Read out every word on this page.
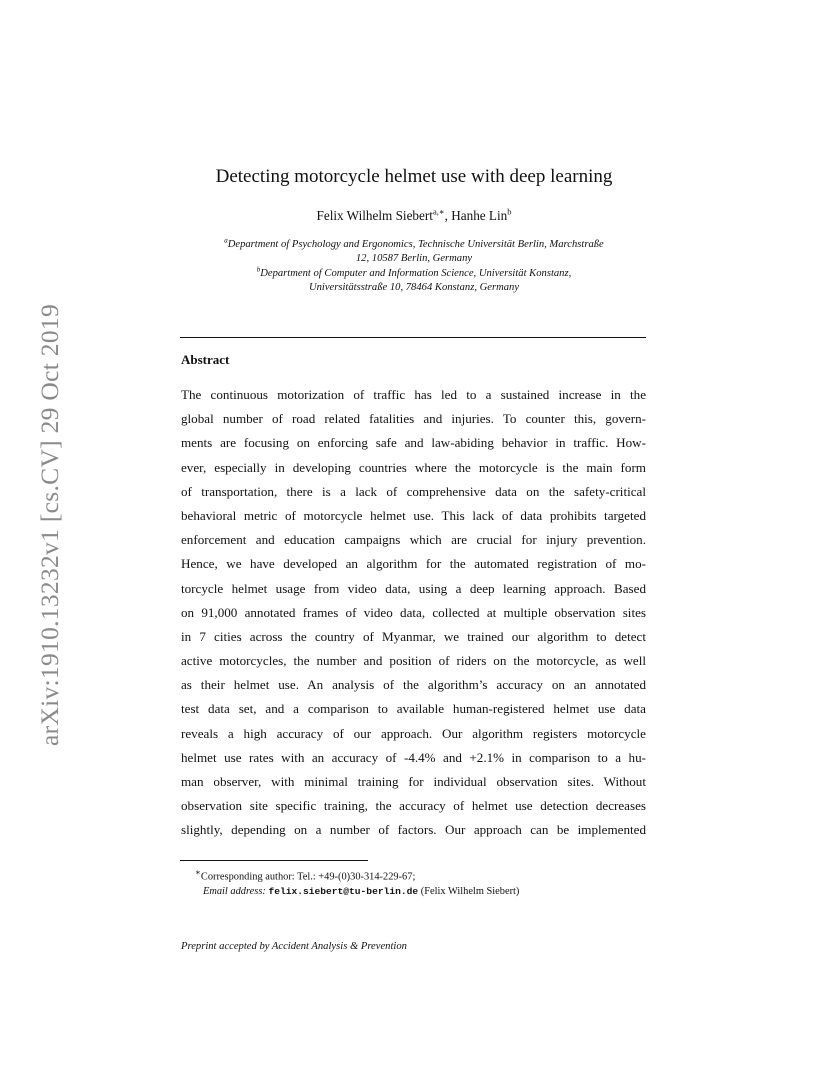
arXiv:1910.13232v1 [cs.CV] 29 Oct 2019
Detecting motorcycle helmet use with deep learning
Felix Wilhelm Siebert$^{a,∗}$, Hanhe Lin$^b$
$^a$Department of Psychology and Ergonomics, Technische Universität Berlin, Marchstraße
12, 10587 Berlin, Germany
$^b$Department of Computer and Information Science, Universität Konstanz,
Universitätsstraße 10, 78464 Konstanz, Germany
Abstract
The continuous motorization of traffic has led to a sustained increase in the
global number of road related fatalities and injuries. To counter this, govern-
ments are focusing on enforcing safe and law-abiding behavior in traffic. How-
ever, especially in developing countries where the motorcycle is the main form
of transportation, there is a lack of comprehensive data on the safety-critical
behavioral metric of motorcycle helmet use. This lack of data prohibits targeted
enforcement and education campaigns which are crucial for injury prevention.
Hence, we have developed an algorithm for the automated registration of mo-
torcycle helmet usage from video data, using a deep learning approach. Based
on 91,000 annotated frames of video data, collected at multiple observation sites
in 7 cities across the country of Myanmar, we trained our algorithm to detect
active motorcycles, the number and position of riders on the motorcycle, as well
as their helmet use. An analysis of the algorithm’s accuracy on an annotated
test data set, and a comparison to available human-registered helmet use data
reveals a high accuracy of our approach. Our algorithm registers motorcycle
helmet use rates with an accuracy of -4.4% and +2.1% in comparison to a hu-
man observer, with minimal training for individual observation sites. Without
observation site specific training, the accuracy of helmet use detection decreases
slightly, depending on a number of factors. Our approach can be implemented
∗Corresponding author: Tel.: +49-(0)30-314-229-67;
Email address: felix.siebert@tu-berlin.de (Felix Wilhelm Siebert)
Preprint accepted by Accident Analysis & Prevention
